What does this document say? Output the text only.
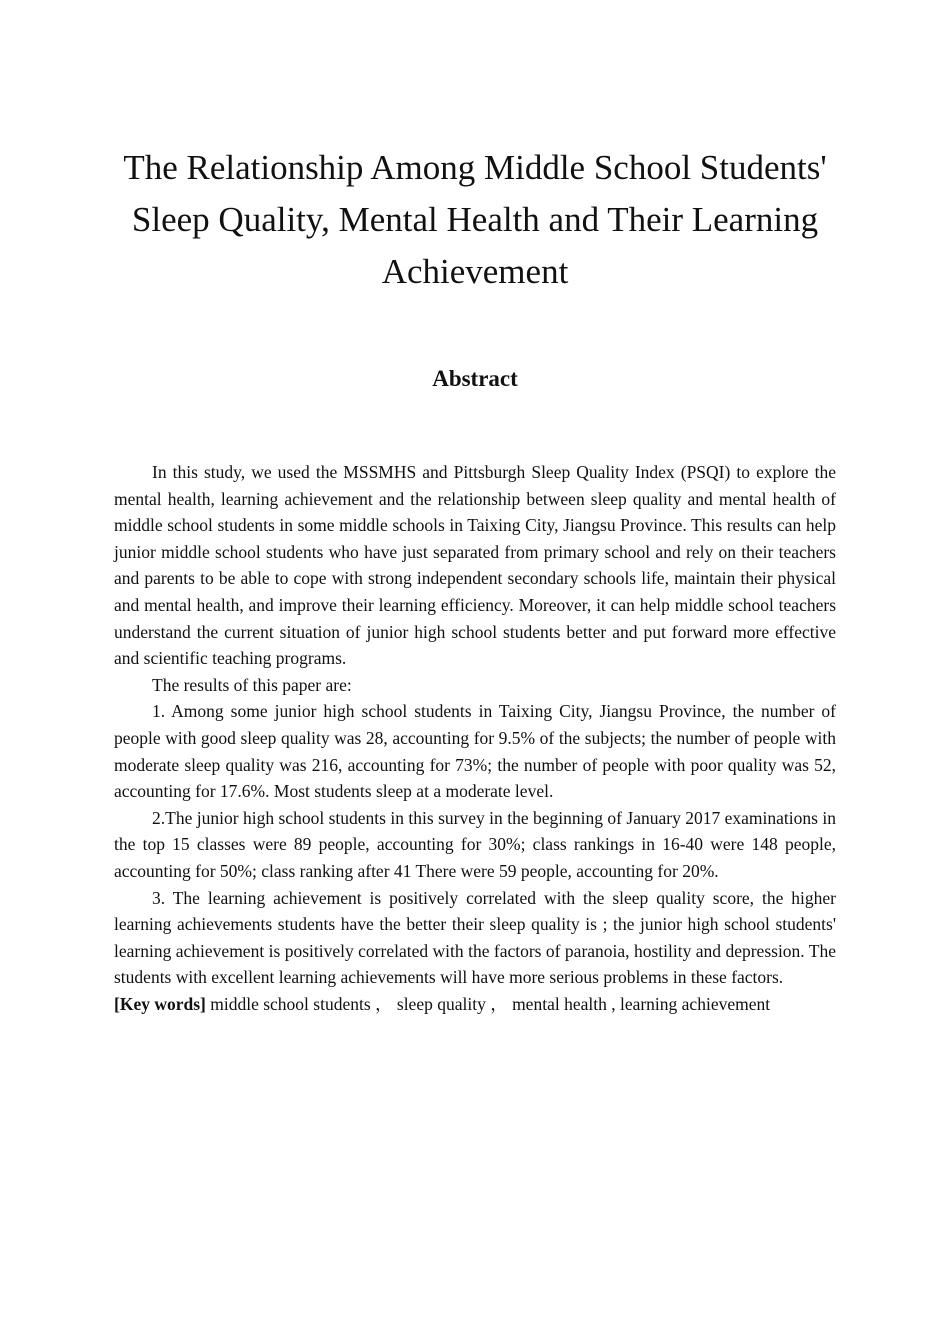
The Relationship Among Middle School Students'
Sleep Quality, Mental Health and Their Learning
Achievement
Abstract

In this study, we used the MSSMHS and Pittsburgh Sleep Quality Index (PSQI) to explore the mental health, learning achievement and the relationship between sleep quality and mental health of middle school students in some middle schools in Taixing City, Jiangsu Province. This results can help junior middle school students who have just separated from primary school and rely on their teachers and parents to be able to cope with strong independent secondary schools life, maintain their physical and mental health, and improve their learning efficiency. Moreover, it can help middle school teachers understand the current situation of junior high school students better and put forward more effective and scientific teaching programs.

The results of this paper are:

1. Among some junior high school students in Taixing City, Jiangsu Province, the number of people with good sleep quality was 28, accounting for 9.5% of the subjects; the number of people with moderate sleep quality was 216, accounting for 73%; the number of people with poor quality was 52, accounting for 17.6%. Most students sleep at a moderate level.

2.The junior high school students in this survey in the beginning of January 2017 examinations in the top 15 classes were 89 people, accounting for 30%; class rankings in 16-40 were 148 people, accounting for 50%; class ranking after 41 There were 59 people, accounting for 20%.

3. The learning achievement is positively correlated with the sleep quality score, the higher learning achievements students have the better their sleep quality is ; the junior high school students' learning achievement is positively correlated with the factors of paranoia, hostility and depression. The students with excellent learning achievements will have more serious problems in these factors.

[Key words] middle school students ， sleep quality ， mental health , learning achievement
